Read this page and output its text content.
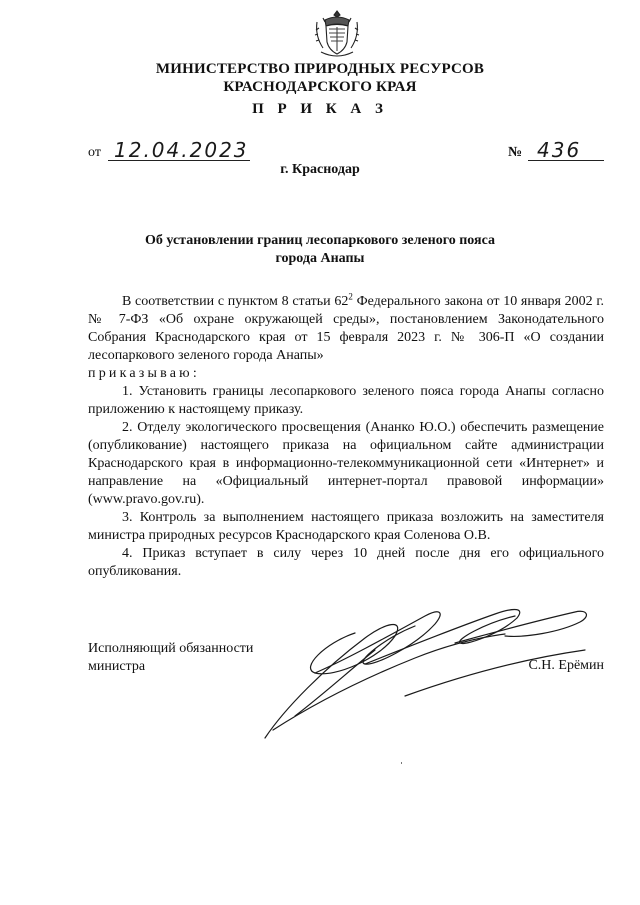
МИНИСТЕРСТВО ПРИРОДНЫХ РЕСУРСОВ
КРАСНОДАРСКОГО КРАЯ
П Р И К А З
от 12.04.2023	№ 436
г. Краснодар
Об установлении границ лесопаркового зеленого пояса
города Анапы

В соответствии с пунктом 8 статьи $62^2$ Федерального закона от 10 января 2002 г. № 7-ФЗ «Об охране окружающей среды», постановлением Законодательного Собрания Краснодарского края от 15 февраля 2023 г. № 306-П «О создании лесопаркового зеленого города Анапы»

приказываю:

1. Установить границы лесопаркового зеленого пояса города Анапы согласно приложению к настоящему приказу.

2. Отделу экологического просвещения (Ананко Ю.О.) обеспечить размещение (опубликование) настоящего приказа на официальном сайте администрации Краснодарского края в информационно-телекоммуникационной сети «Интернет» и направление на «Официальный интернет-портал правовой информации» (www.pravo.gov.ru).

3. Контроль за выполнением настоящего приказа возложить на заместителя министра природных ресурсов Краснодарского края Соленова О.В.

4. Приказ вступает в силу через 10 дней после дня его официального опубликования.

Исполняющий обязанности
министра	С.Н. Ерёмин
